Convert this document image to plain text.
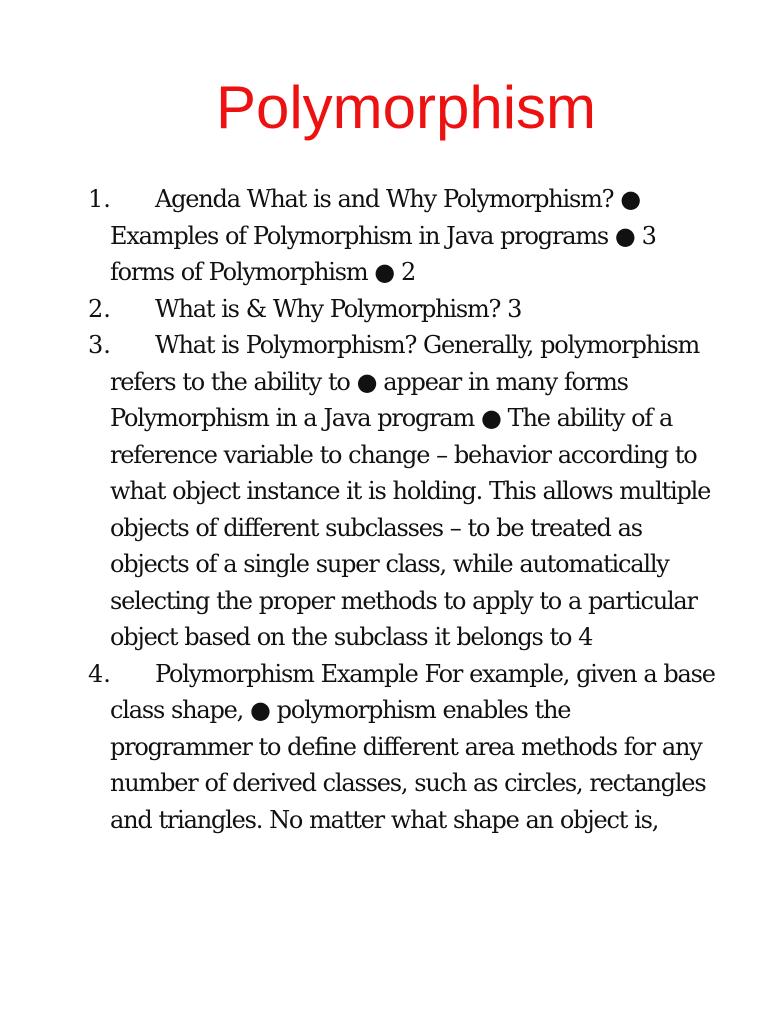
Polymorphism
1.	Agenda What is and Why Polymorphism? ● Examples of Polymorphism in Java programs ● 3 forms of Polymorphism ● 2
2.	What is & Why Polymorphism? 3
3.	What is Polymorphism? Generally, polymorphism refers to the ability to ● appear in many forms Polymorphism in a Java program ● The ability of a reference variable to change – behavior according to what object instance it is holding. This allows multiple objects of different subclasses – to be treated as objects of a single super class, while automatically selecting the proper methods to apply to a particular object based on the subclass it belongs to 4
4.	Polymorphism Example For example, given a base class shape, ● polymorphism enables the programmer to define different area methods for any number of derived classes, such as circles, rectangles and triangles. No matter what shape an object is,
